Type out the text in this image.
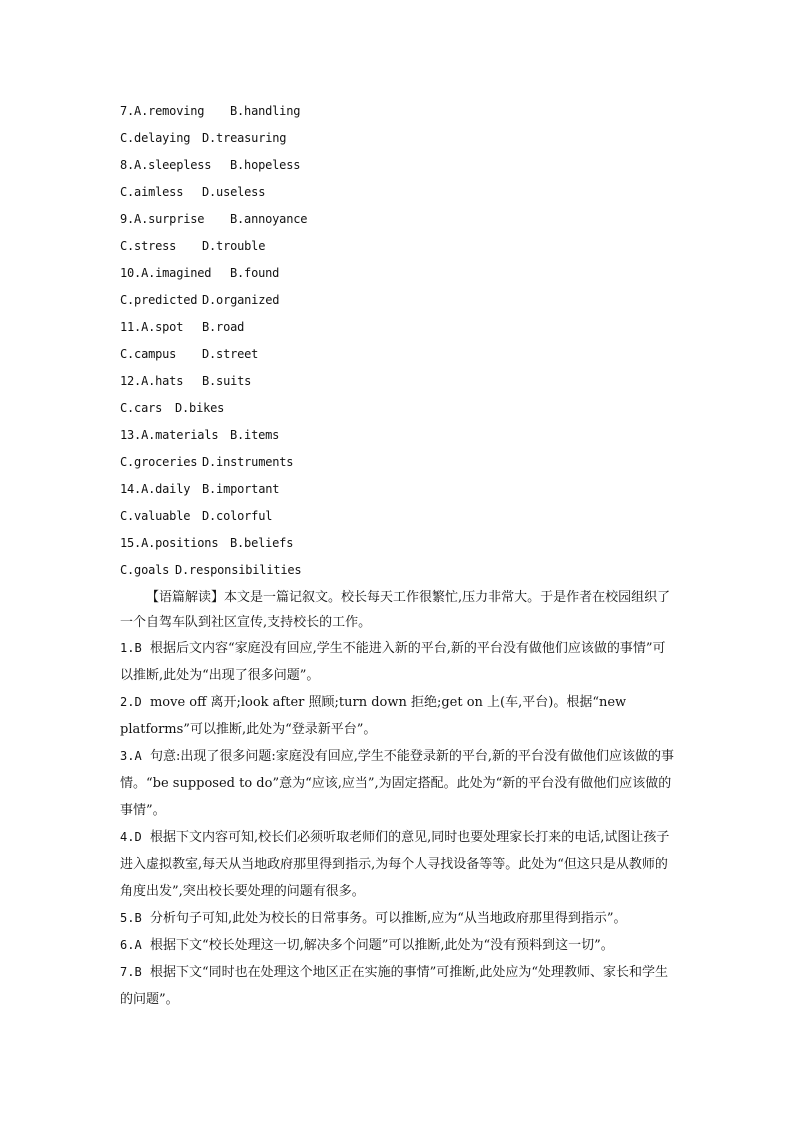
7.A.removing B.handling
C.delaying D.treasuring
8.A.sleepless B.hopeless
C.aimless D.useless
9.A.surprise B.annoyance
C.stress D.trouble
10.A.imagined B.found
C.predicted D.organized
11.A.spot B.road
C.campus D.street
12.A.hats B.suits
C.cars D.bikes
13.A.materials B.items
C.groceries D.instruments
14.A.daily B.important
C.valuable D.colorful
15.A.positions B.beliefs
C.goals D.responsibilities

【语篇解读】本文是一篇记叙文。校长每天工作很繁忙,压力非常大。于是作者在校园组织了一个自驾车队到社区宣传,支持校长的工作。

1.B 根据后文内容“家庭没有回应,学生不能进入新的平台,新的平台没有做他们应该做的事情”可以推断,此处为“出现了很多问题”。

2.D move off 离开;look after 照顾;turn down 拒绝;get on 上(车,平台)。根据“new platforms”可以推断,此处为“登录新平台”。

3.A 句意:出现了很多问题:家庭没有回应,学生不能登录新的平台,新的平台没有做他们应该做的事情。“be supposed to do”意为“应该,应当”,为固定搭配。此处为“新的平台没有做他们应该做的事情”。

4.D 根据下文内容可知,校长们必须听取老师们的意见,同时也要处理家长打来的电话,试图让孩子进入虚拟教室,每天从当地政府那里得到指示,为每个人寻找设备等等。此处为“但这只是从教师的角度出发”,突出校长要处理的问题有很多。

5.B 分析句子可知,此处为校长的日常事务。可以推断,应为“从当地政府那里得到指示”。

6.A 根据下文“校长处理这一切,解决多个问题”可以推断,此处为“没有预料到这一切”。

7.B 根据下文“同时也在处理这个地区正在实施的事情”可推断,此处应为“处理教师、家长和学生的问题”。
